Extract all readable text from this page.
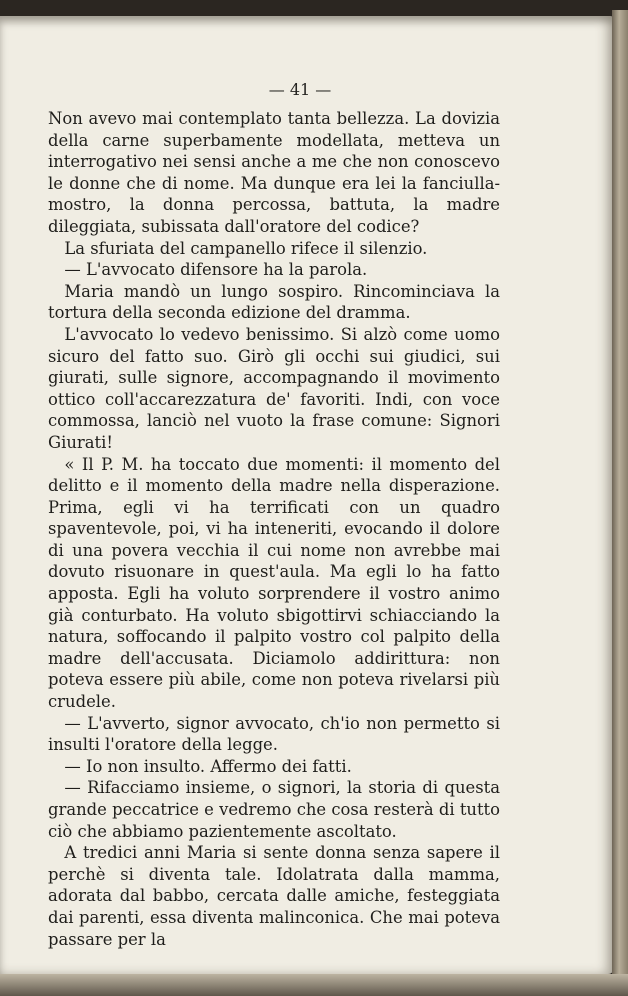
— 41 —

Non avevo mai contemplato tanta bellezza. La dovizia della carne superbamente modellata, metteva un interrogativo nei sensi anche a me che non conoscevo le donne che di nome. Ma dunque era lei la fanciulla-mostro, la donna percossa, battuta, la madre dileggiata, subissata dall'oratore del codice?

La sfuriata del campanello rifece il silenzio.

— L'avvocato difensore ha la parola.

Maria mandò un lungo sospiro. Rincominciava la tortura della seconda edizione del dramma.

L'avvocato lo vedevo benissimo. Si alzò come uomo sicuro del fatto suo. Girò gli occhi sui giudici, sui giurati, sulle signore, accompagnando il movimento ottico coll'accarezzatura de' favoriti. Indi, con voce commossa, lanciò nel vuoto la frase comune: Signori Giurati!

« Il P. M. ha toccato due momenti: il momento del delitto e il momento della madre nella disperazione. Prima, egli vi ha terrificati con un quadro spaventevole, poi, vi ha inteneriti, evocando il dolore di una povera vecchia il cui nome non avrebbe mai dovuto risuonare in quest'aula. Ma egli lo ha fatto apposta. Egli ha voluto sorprendere il vostro animo già conturbato. Ha voluto sbigottirvi schiacciando la natura, soffocando il palpito vostro col palpito della madre dell'accusata. Diciamolo addirittura: non poteva essere più abile, come non poteva rivelarsi più crudele.

— L'avverto, signor avvocato, ch'io non permetto si insulti l'oratore della legge.

— Io non insulto. Affermo dei fatti.

— Rifacciamo insieme, o signori, la storia di questa grande peccatrice e vedremo che cosa resterà di tutto ciò che abbiamo pazientemente ascoltato.

A tredici anni Maria si sente donna senza sapere il perchè si diventa tale. Idolatrata dalla mamma, adorata dal babbo, cercata dalle amiche, festeggiata dai parenti, essa diventa malinconica. Che mai poteva passare per la
